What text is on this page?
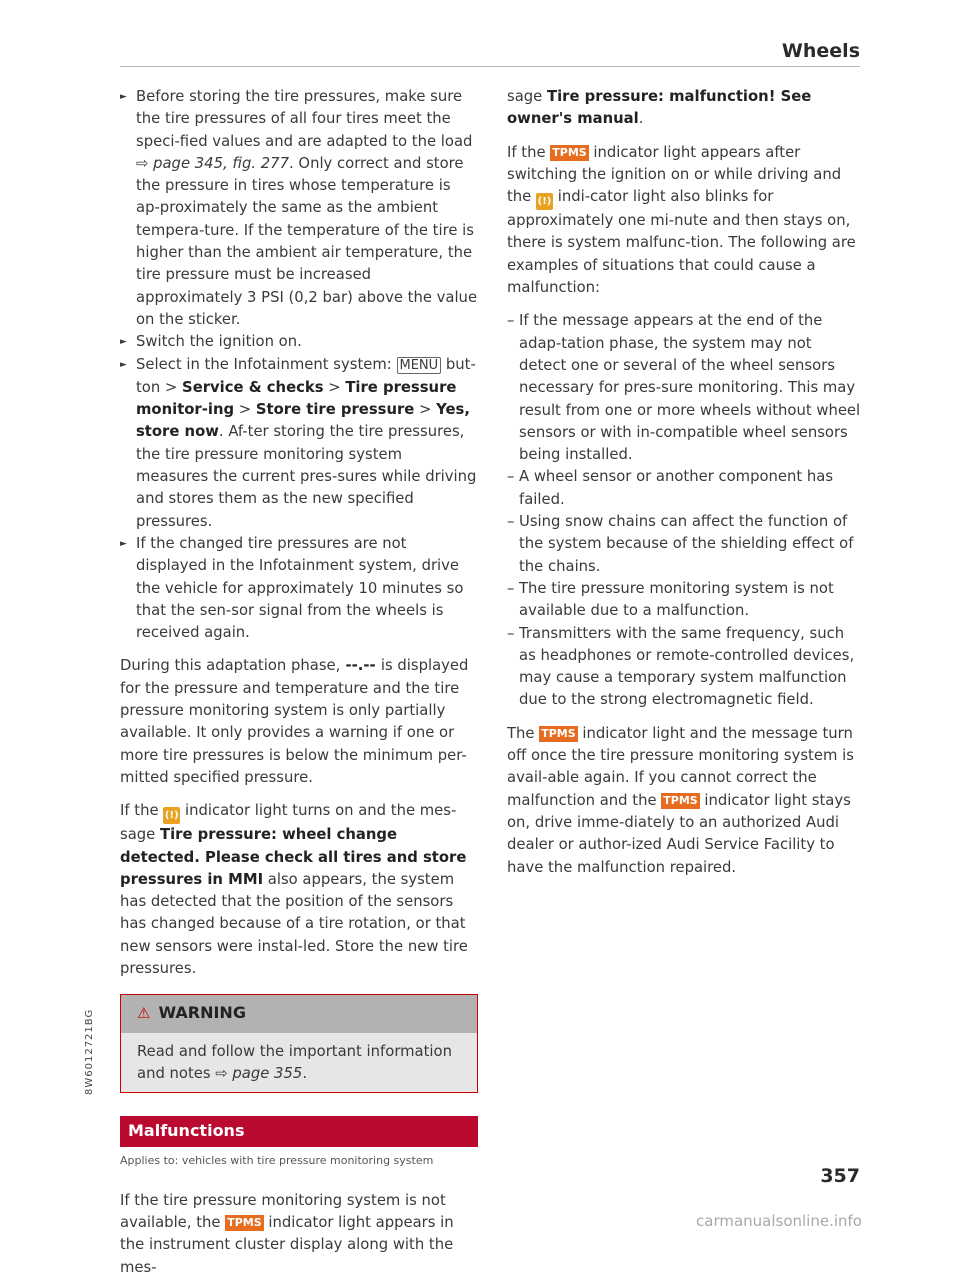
Wheels

► Before storing the tire pressures, make sure the tire pressures of all four tires meet the speci-fied values and are adapted to the load ⇨ page 345, fig. 277. Only correct and store the pressure in tires whose temperature is ap-proximately the same as the ambient tempera-ture. If the temperature of the tire is higher than the ambient air temperature, the tire pressure must be increased approximately 3 PSI (0,2 bar) above the value on the sticker.

► Switch the ignition on.

► Select in the Infotainment system: MENU but-ton > Service & checks > Tire pressure monitor-ing > Store tire pressure > Yes, store now. Af-ter storing the tire pressures, the tire pressure monitoring system measures the current pres-sures while driving and stores them as the new specified pressures.

► If the changed tire pressures are not displayed in the Infotainment system, drive the vehicle for approximately 10 minutes so that the sen-sor signal from the wheels is received again.

During this adaptation phase, --.-- is displayed for the pressure and temperature and the tire pressure monitoring system is only partially available. It only provides a warning if one or more tire pressures is below the minimum per-mitted specified pressure.

If the (!) indicator light turns on and the mes-sage Tire pressure: wheel change detected. Please check all tires and store pressures in MMI also appears, the system has detected that the position of the sensors has changed because of a tire rotation, or that new sensors were instal-led. Store the new tire pressures.

⚠ WARNING
Read and follow the important information and notes ⇨ page 355.
Malfunctions
Applies to: vehicles with tire pressure monitoring system

If the tire pressure monitoring system is not available, the TPMS indicator light appears in the instrument cluster display along with the mes-

sage Tire pressure: malfunction! See owner's manual.

If the TPMS indicator light appears after switching the ignition on or while driving and the (!) indi-cator light also blinks for approximately one mi-nute and then stays on, there is system malfunc-tion. The following are examples of situations that could cause a malfunction:

– If the message appears at the end of the adap-tation phase, the system may not detect one or several of the wheel sensors necessary for pres-sure monitoring. This may result from one or more wheels without wheel sensors or with in-compatible wheel sensors being installed.

– A wheel sensor or another component has failed.

– Using snow chains can affect the function of the system because of the shielding effect of the chains.

– The tire pressure monitoring system is not available due to a malfunction.

– Transmitters with the same frequency, such as headphones or remote-controlled devices, may cause a temporary system malfunction due to the strong electromagnetic field.

The TPMS indicator light and the message turn off once the tire pressure monitoring system is avail-able again. If you cannot correct the malfunction and the TPMS indicator light stays on, drive imme-diately to an authorized Audi dealer or author-ized Audi Service Facility to have the malfunction repaired.

8W6012721BG
357
carmanualsonline.info
